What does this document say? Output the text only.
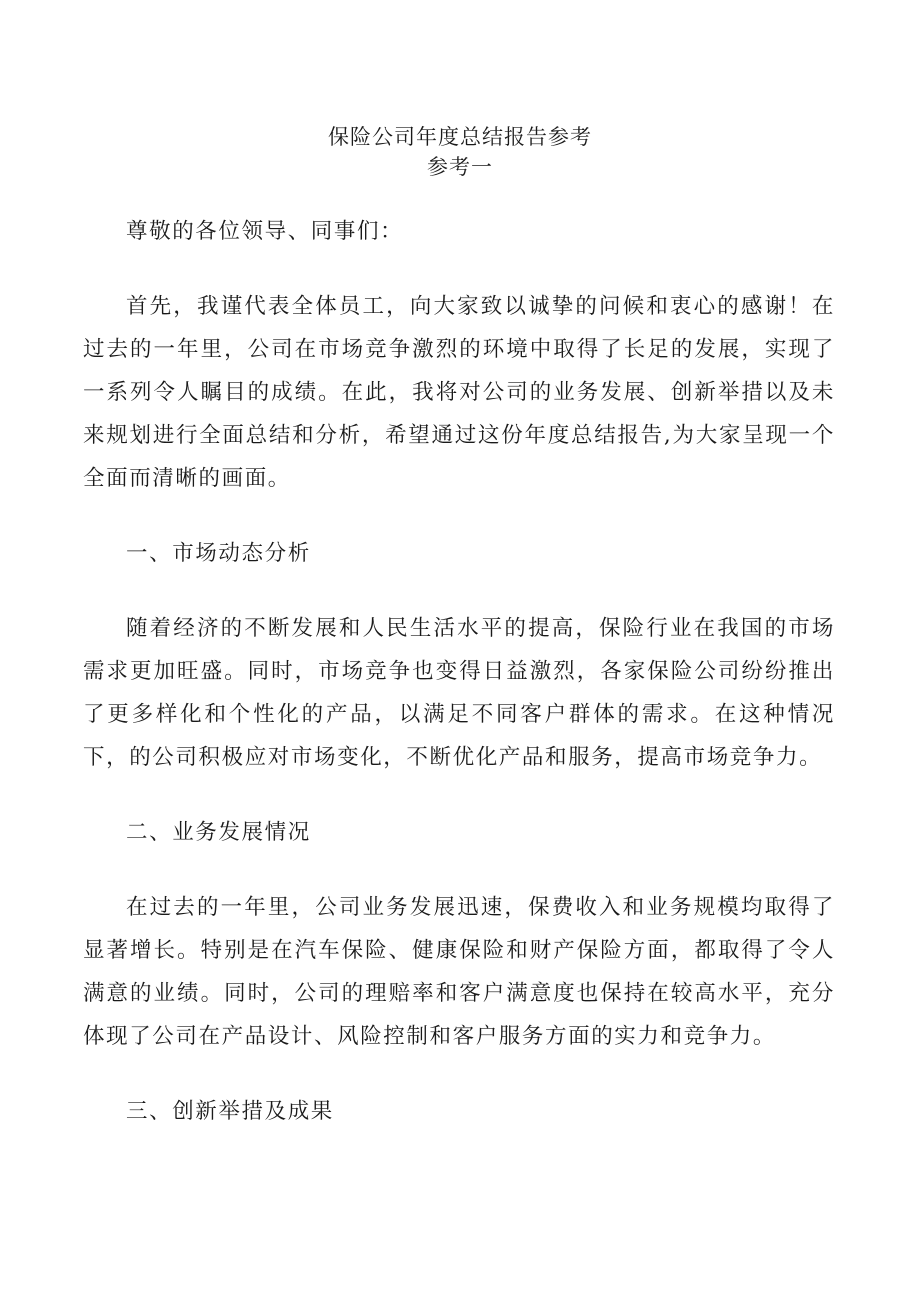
保险公司年度总结报告参考
参考一

尊敬的各位领导、同事们：

首先，我谨代表全体员工，向大家致以诚挚的问候和衷心的感谢！在过去的一年里，公司在市场竞争激烈的环境中取得了长足的发展，实现了一系列令人瞩目的成绩。在此，我将对公司的业务发展、创新举措以及未来规划进行全面总结和分析，希望通过这份年度总结报告,为大家呈现一个全面而清晰的画面。

一、市场动态分析

随着经济的不断发展和人民生活水平的提高，保险行业在我国的市场需求更加旺盛。同时，市场竞争也变得日益激烈，各家保险公司纷纷推出了更多样化和个性化的产品，以满足不同客户群体的需求。在这种情况下，的公司积极应对市场变化，不断优化产品和服务，提高市场竞争力。

二、业务发展情况

在过去的一年里，公司业务发展迅速，保费收入和业务规模均取得了显著增长。特别是在汽车保险、健康保险和财产保险方面，都取得了令人满意的业绩。同时，公司的理赔率和客户满意度也保持在较高水平，充分体现了公司在产品设计、风险控制和客户服务方面的实力和竞争力。

三、创新举措及成果
